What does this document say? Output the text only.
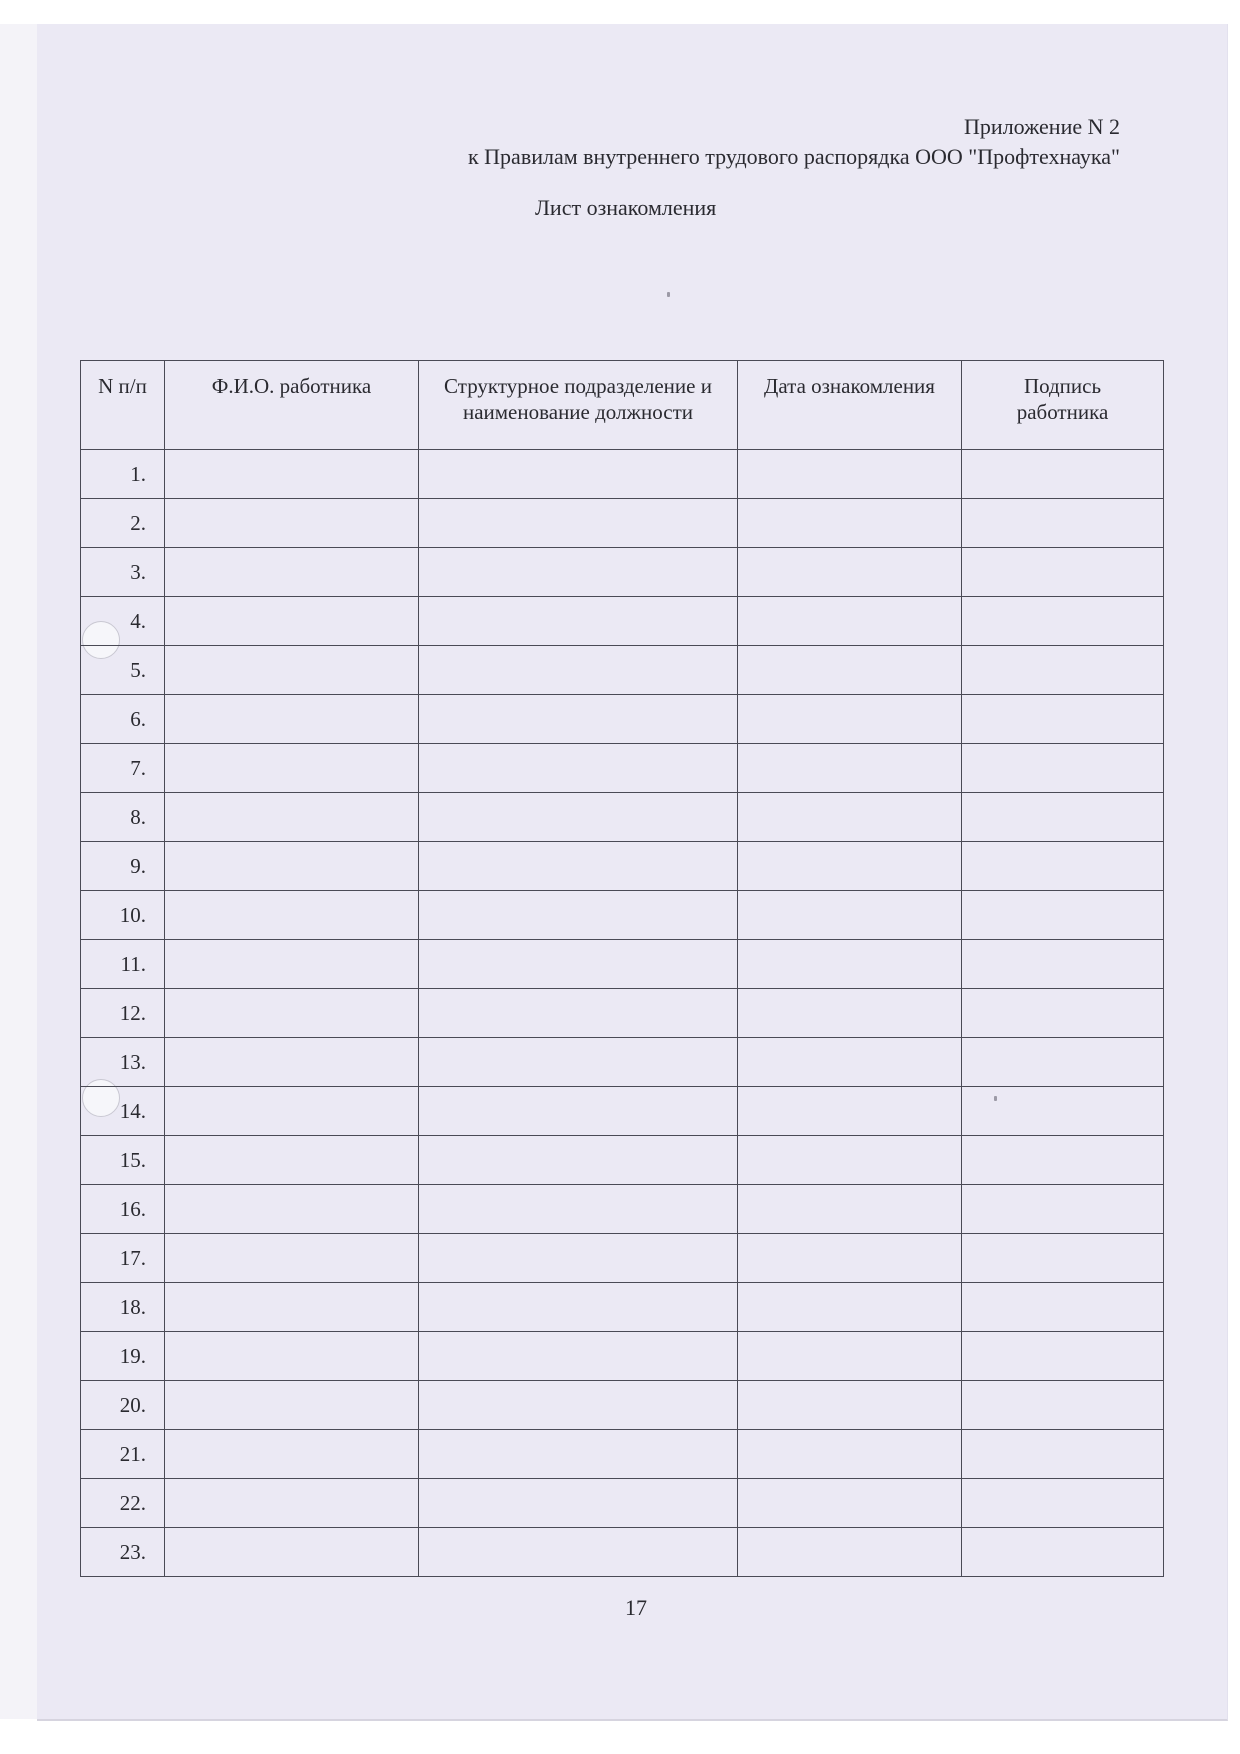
Приложение N 2
к Правилам внутреннего трудового распорядка ООО "Профтехнаука"
Лист ознакомления
N п/п	Ф.И.О. работника	Структурное подразделение и наименование должности	Дата ознакомления	Подпись работника
1.				
2.				
3.				
4.				
5.				
6.				
7.				
8.				
9.				
10.				
11.				
12.				
13.				
14.				
15.				
16.				
17.				
18.				
19.				
20.				
21.				
22.				
23.				
17
